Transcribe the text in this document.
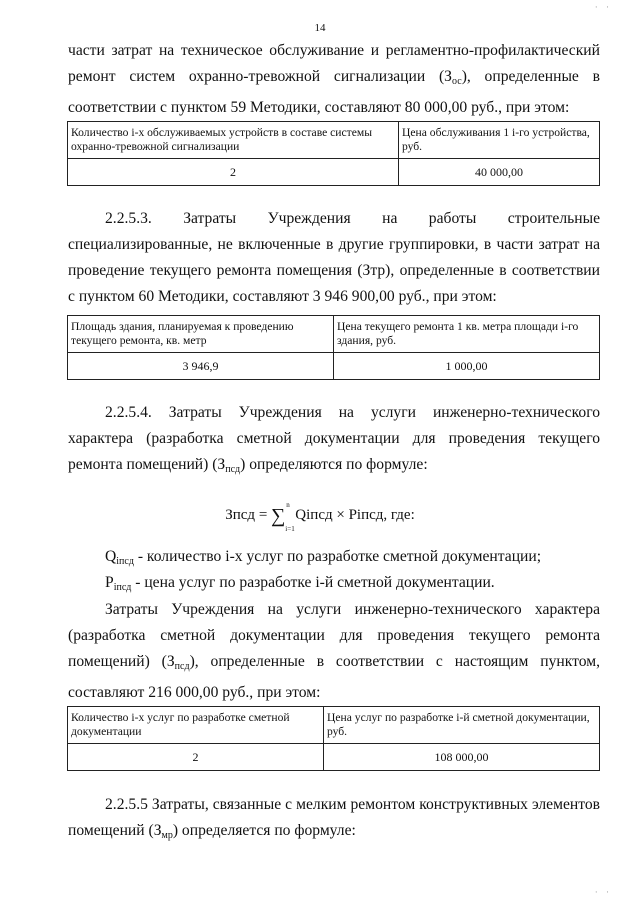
· ·
14
части затрат на техническое обслуживание и регламентно-профилактический ремонт систем охранно-тревожной сигнализации $(З_{ос})$, определенные в соответствии с пунктом 59 Методики, составляют 80 000,00 руб., при этом:
Количество i-х обслуживаемых устройств в составе системы охранно-тревожной сигнализации	Цена обслуживания 1 i-го устройства, руб.
2	40 000,00
2.2.5.3. Затраты Учреждения на работы строительные специализированные, не включенные в другие группировки, в части затрат на проведение текущего ремонта помещения (Зтр), определенные в соответствии с пунктом 60 Методики, составляют 3 946 900,00 руб., при этом:
Площадь здания, планируемая к проведению текущего ремонта, кв. метр	Цена текущего ремонта 1 кв. метра площади i-го здания, руб.
3 946,9	1 000,00
2.2.5.4. Затраты Учреждения на услуги инженерно-технического характера (разработка сметной документации для проведения текущего ремонта помещений) $(З_{псд})$ определяются по формуле:
Зпсд = ∑
n
i=1
Qiпсд × Piпсд, где:
$Q_{iпсд}$ - количество i-х услуг по разработке сметной документации;
$P_{iпсд}$ - цена услуг по разработке i-й сметной документации.
Затраты Учреждения на услуги инженерно-технического характера (разработка сметной документации для проведения текущего ремонта помещений) $(З_{псд})$, определенные в соответствии с настоящим пунктом, составляют 216 000,00 руб., при этом:
Количество i-х услуг по разработке сметной документации	Цена услуг по разработке i-й сметной документации, руб.
2	108 000,00
2.2.5.5 Затраты, связанные с мелким ремонтом конструктивных элементов помещений $(З_{мр})$ определяется по формуле:
· ·
